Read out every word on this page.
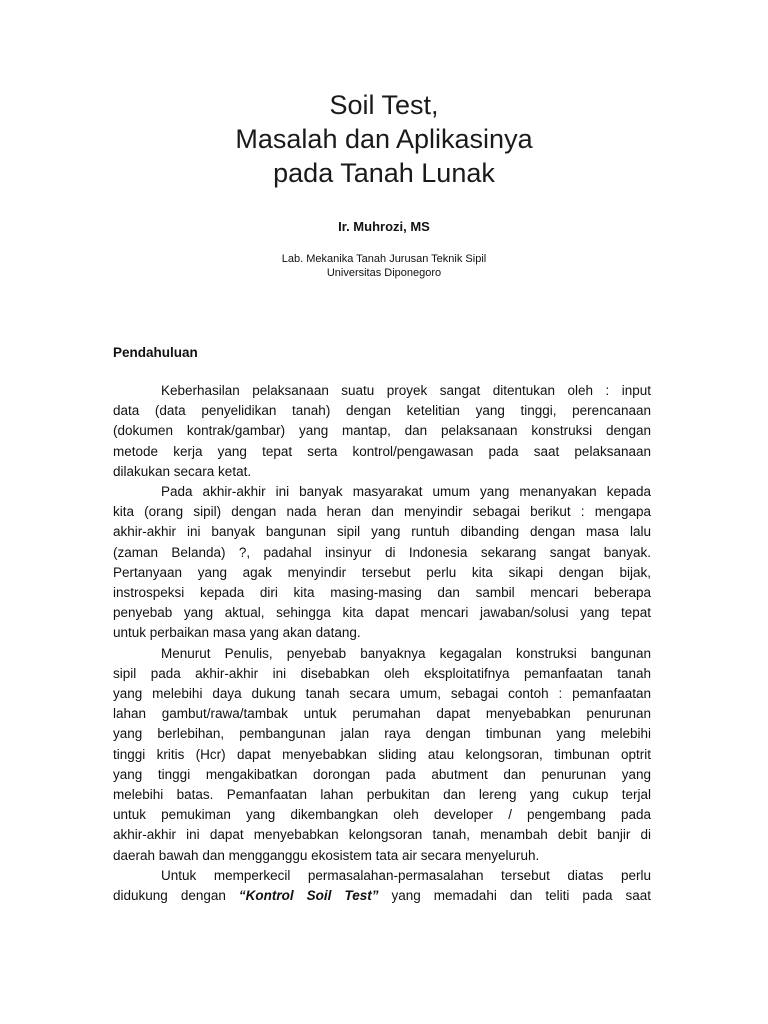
Soil Test,
Masalah dan Aplikasinya
pada Tanah Lunak
Ir. Muhrozi, MS
Lab. Mekanika Tanah Jurusan Teknik Sipil
Universitas Diponegoro
Pendahuluan
Keberhasilan pelaksanaan suatu proyek sangat ditentukan oleh : input
data (data penyelidikan tanah) dengan ketelitian yang tinggi, perencanaan
(dokumen kontrak/gambar) yang mantap, dan pelaksanaan konstruksi dengan
metode kerja yang tepat serta kontrol/pengawasan pada saat pelaksanaan
dilakukan secara ketat.
Pada akhir-akhir ini banyak masyarakat umum yang menanyakan kepada
kita (orang sipil) dengan nada heran dan menyindir sebagai berikut : mengapa
akhir-akhir ini banyak bangunan sipil yang runtuh dibanding dengan masa lalu
(zaman Belanda) ?, padahal insinyur di Indonesia sekarang sangat banyak.
Pertanyaan yang agak menyindir tersebut perlu kita sikapi dengan bijak,
instrospeksi kepada diri kita masing-masing dan sambil mencari beberapa
penyebab yang aktual, sehingga kita dapat mencari jawaban/solusi yang tepat
untuk perbaikan masa yang akan datang.
Menurut Penulis, penyebab banyaknya kegagalan konstruksi bangunan
sipil pada akhir-akhir ini disebabkan oleh eksploitatifnya pemanfaatan tanah
yang melebihi daya dukung tanah secara umum, sebagai contoh : pemanfaatan
lahan gambut/rawa/tambak untuk perumahan dapat menyebabkan penurunan
yang berlebihan, pembangunan jalan raya dengan timbunan yang melebihi
tinggi kritis (Hcr) dapat menyebabkan sliding atau kelongsoran, timbunan optrit
yang tinggi mengakibatkan dorongan pada abutment dan penurunan yang
melebihi batas. Pemanfaatan lahan perbukitan dan lereng yang cukup terjal
untuk pemukiman yang dikembangkan oleh developer / pengembang pada
akhir-akhir ini dapat menyebabkan kelongsoran tanah, menambah debit banjir di
daerah bawah dan mengganggu ekosistem tata air secara menyeluruh.
Untuk memperkecil permasalahan-permasalahan tersebut diatas perlu
didukung dengan “Kontrol Soil Test” yang memadahi dan teliti pada saat
